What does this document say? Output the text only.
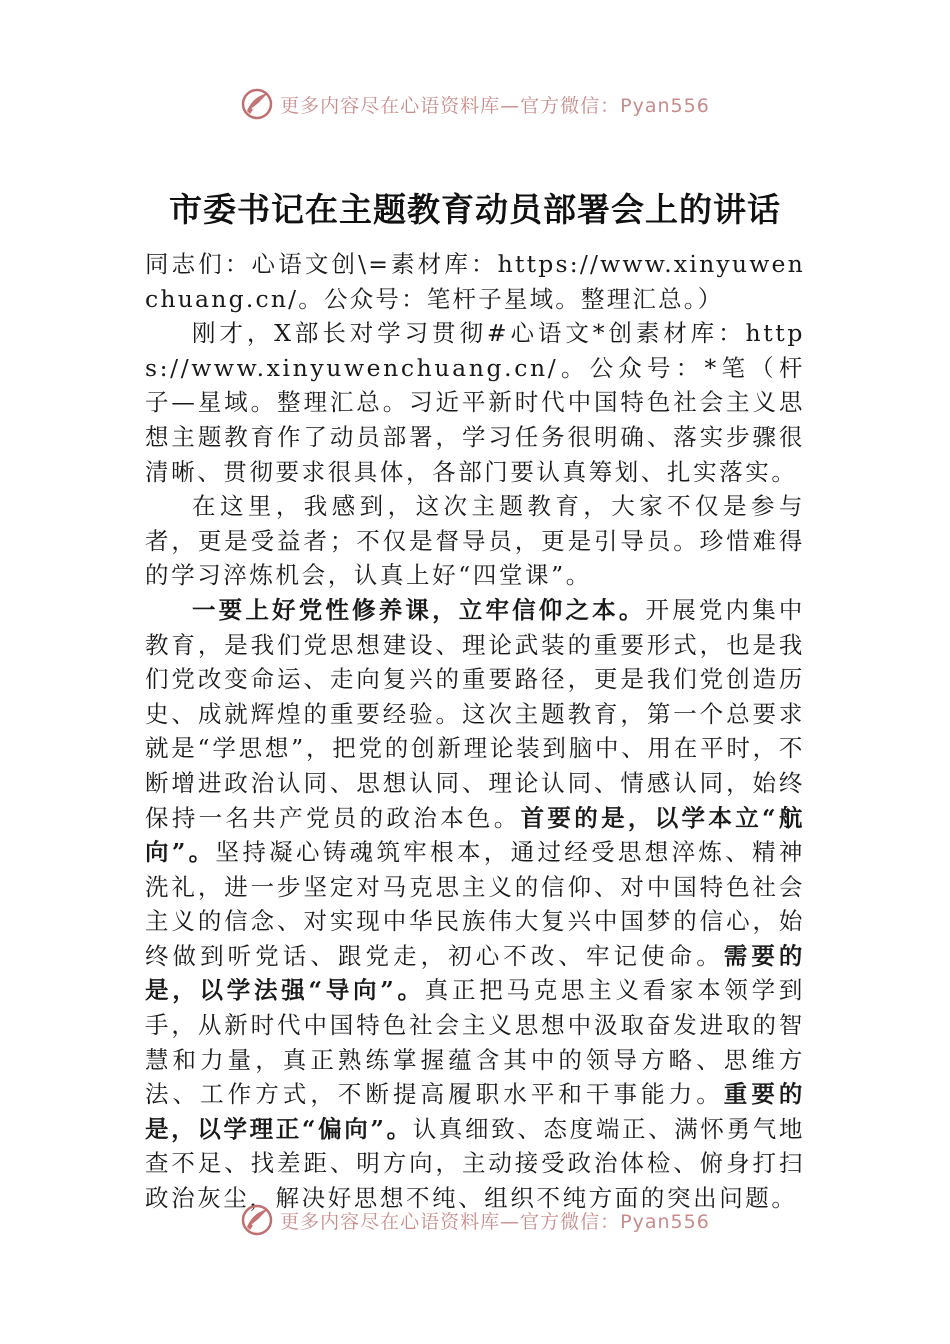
更多内容尽在心语资料库—官方微信：Pyan556
市委书记在主题教育动员部署会上的讲话

同志们：心语文创\=素材库：https://www.xinyuwenchuang.cn/。公众号：笔杆子星域。整理汇总。）

刚才，X部长对学习贯彻#心语文*创素材库：https://www.xinyuwenchuang.cn/。公众号：*笔（杆子—星域。整理汇总。习近平新时代中国特色社会主义思想主题教育作了动员部署，学习任务很明确、落实步骤很清晰、贯彻要求很具体，各部门要认真筹划、扎实落实。

在这里，我感到，这次主题教育，大家不仅是参与者，更是受益者；不仅是督导员，更是引导员。珍惜难得的学习淬炼机会，认真上好“四堂课”。

一要上好党性修养课，立牢信仰之本。开展党内集中教育，是我们党思想建设、理论武装的重要形式，也是我们党改变命运、走向复兴的重要路径，更是我们党创造历史、成就辉煌的重要经验。这次主题教育，第一个总要求就是“学思想”，把党的创新理论装到脑中、用在平时，不断增进政治认同、思想认同、理论认同、情感认同，始终保持一名共产党员的政治本色。首要的是，以学本立“航向”。坚持凝心铸魂筑牢根本，通过经受思想淬炼、精神洗礼，进一步坚定对马克思主义的信仰、对中国特色社会主义的信念、对实现中华民族伟大复兴中国梦的信心，始终做到听党话、跟党走，初心不改、牢记使命。需要的是，以学法强“导向”。真正把马克思主义看家本领学到手，从新时代中国特色社会主义思想中汲取奋发进取的智慧和力量，真正熟练掌握蕴含其中的领导方略、思维方法、工作方式，不断提高履职水平和干事能力。重要的是，以学理正“偏向”。认真细致、态度端正、满怀勇气地查不足、找差距、明方向，主动接受政治体检、俯身打扫政治灰尘，解决好思想不纯、组织不纯方面的突出问题。

更多内容尽在心语资料库—官方微信：Pyan556
